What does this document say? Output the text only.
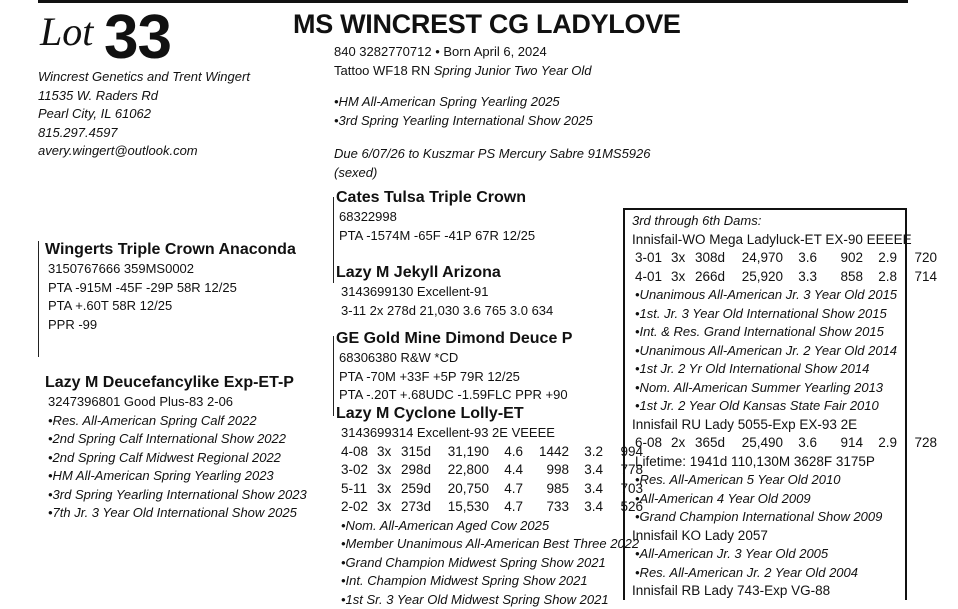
Lot 33	MS WINCREST CG LADYLOVE
Wincrest Genetics and Trent Wingert
11535 W. Raders Rd
Pearl City, IL 61062
815.297.4597
avery.wingert@outlook.com
840 3282770712 • Born April 6, 2024
Tattoo WF18 RN Spring Junior Two Year Old
•HM All-American Spring Yearling 2025
•3rd Spring Yearling International Show 2025
Due 6/07/26 to Kuszmar PS Mercury Sabre 91MS5926
(sexed)
Wingerts Triple Crown Anaconda
3150767666 359MS0002
PTA -915M -45F -29P 58R 12/25
PTA +.60T 58R 12/25
PPR -99
Lazy M Deucefancylike Exp-ET-P
3247396801 Good Plus-83 2-06
•Res. All-American Spring Calf 2022
•2nd Spring Calf International Show 2022
•2nd Spring Calf Midwest Regional 2022
•HM All-American Spring Yearling 2023
•3rd Spring Yearling International Show 2023
•7th Jr. 3 Year Old International Show 2025
Cates Tulsa Triple Crown
68322998
PTA -1574M -65F -41P 67R 12/25
Lazy M Jekyll Arizona
3143699130 Excellent-91
3-11 2x 278d 21,030 3.6 765 3.0 634
GE Gold Mine Dimond Deuce P
68306380 R&W *CD
PTA -70M +33F +5P 79R 12/25
PTA -.20T +.68UDC -1.59FLC PPR +90
Lazy M Cyclone Lolly-ET
3143699314 Excellent-93 2E VEEEE
4-08 3x 315d	31,190	4.6	1442	3.2	994
3-02 3x 298d	22,800	4.4	998	3.4	778
5-11 3x 259d	20,750	4.7	985	3.4	703
2-02 3x 273d	15,530	4.7	733	3.4	526
•Nom. All-American Aged Cow 2025
•Member Unanimous All-American Best Three 2022
•Grand Champion Midwest Spring Show 2021
•Int. Champion Midwest Spring Show 2021
•1st Sr. 3 Year Old Midwest Spring Show 2021
3rd through 6th Dams:
Innisfail-WO Mega Ladyluck-ET EX-90 EEEEE
3-01 3x 308d	24,970	3.6	902	2.9	720
4-01 3x 266d	25,920	3.3	858	2.8	714
•Unanimous All-American Jr. 3 Year Old 2015
•1st. Jr. 3 Year Old International Show 2015
•Int. & Res. Grand International Show 2015
•Unanimous All-American Jr. 2 Year Old 2014
•1st Jr. 2 Yr Old International Show 2014
•Nom. All-American Summer Yearling 2013
•1st Jr. 2 Year Old Kansas State Fair 2010
Innisfail RU Lady 5055-Exp EX-93 2E
6-08 2x 365d	25,490	3.6	914	2.9	728
Lifetime: 1941d 110,130M 3628F 3175P
•Res. All-American 5 Year Old 2010
•All-American 4 Year Old 2009
•Grand Champion International Show 2009
Innisfail KO Lady 2057
•All-American Jr. 3 Year Old 2005
•Res. All-American Jr. 2 Year Old 2004
Innisfail RB Lady 743-Exp VG-88
